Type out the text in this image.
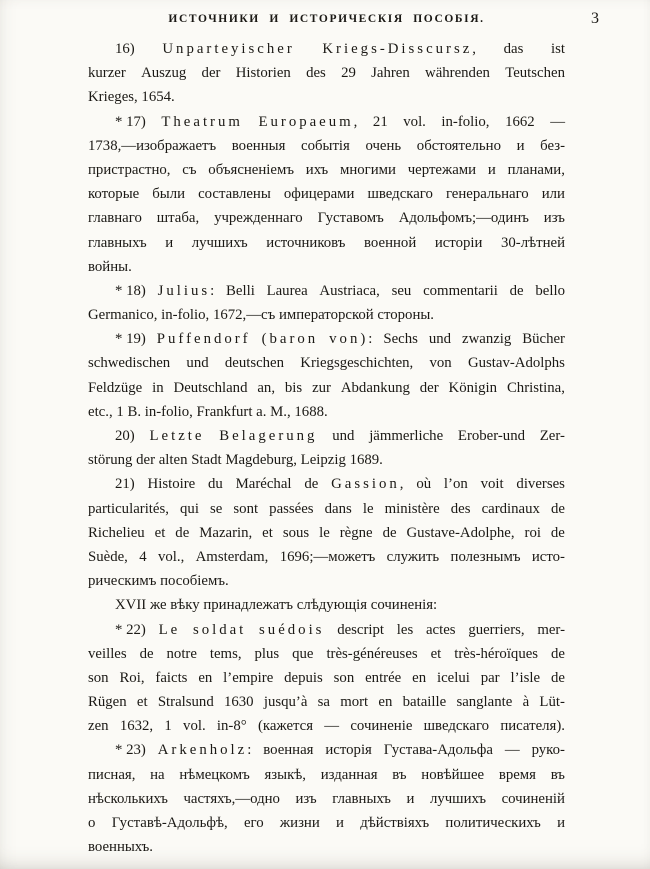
ИСТОЧНИКИ И ИСТОРИЧЕСКІЯ ПОСОБІЯ.	3
16) Unparteyischer Kriegs-Disscursz, das ist
kurzer Auszug der Historien des 29 Jahren währenden Teutschen
Krieges, 1654.
* 17) Theatrum Europaeum, 21 vol. in-folio, 1662 —
1738,—изображаетъ военныя событія очень обстоятельно и без-
пристрастно, съ объясненіемъ ихъ многими чертежами и планами,
которые были составлены офицерами шведскаго генеральнаго или
главнаго штаба, учрежденнаго Густавомъ Адольфомъ;—одинъ изъ
главныхъ и лучшихъ источниковъ военной исторіи 30-лѣтней
войны.
* 18) Julius: Belli Laurea Austriaca, seu commentarii de bello
Germanico, in-folio, 1672,—съ императорской стороны.
* 19) Puffendorf (baron von): Sechs und zwanzig Bücher
schwedischen und deutschen Kriegsgeschichten, von Gustav-Adolphs
Feldzüge in Deutschland an, bis zur Abdankung der Königin Christina,
etc., 1 B. in-folio, Frankfurt a. M., 1688.
20) Letzte Belagerung und jämmerliche Erober-und Zer-
störung der alten Stadt Magdeburg, Leipzig 1689.
21) Histoire du Maréchal de Gassion, où l’on voit diverses
particularités, qui se sont passées dans le ministère des cardinaux de
Richelieu et de Mazarin, et sous le règne de Gustave-Adolphe, roi de
Suède, 4 vol., Amsterdam, 1696;—можетъ служить полезнымъ исто-
рическимъ пособіемъ.
XVII же вѣку принадлежатъ слѣдующія сочиненія:
* 22) Le soldat suédois descript les actes guerriers, mer-
veilles de notre tems, plus que très-généreuses et très-héroïques de
son Roi, faicts en l’empire depuis son entrée en icelui par l’isle de
Rügen et Stralsund 1630 jusqu’à sa mort en bataille sanglante à Lüt-
zen 1632, 1 vol. in-8° (кажется — сочиненіе шведскаго писателя).
* 23) Arkenholz: военная исторія Густава-Адольфа — руко-
писная, на нѣмецкомъ языкѣ, изданная въ новѣйшее время въ
нѣсколькихъ частяхъ,—одно изъ главныхъ и лучшихъ сочиненій
о Густавѣ-Адольфѣ, его жизни и дѣйствіяхъ политическихъ и
военныхъ.
